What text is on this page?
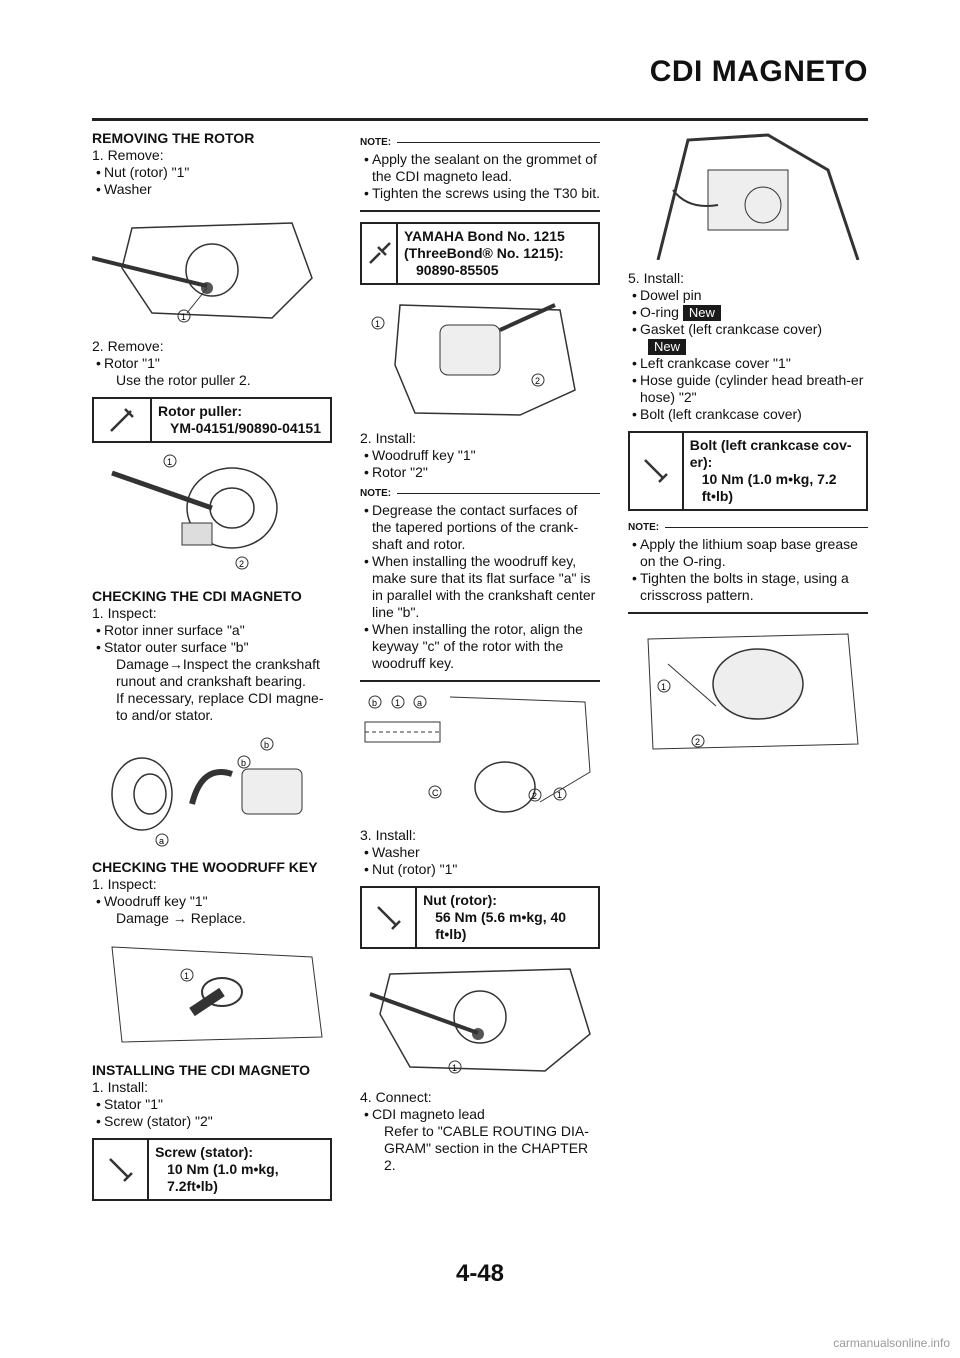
CDI MAGNETO

REMOVING THE ROTOR

1. Remove:

• Nut (rotor) "1"

• Washer

1

2. Remove:

• Rotor "1"

Use the rotor puller 2.

Rotor puller:
YM-04151/90890-04151
1
2

CHECKING THE CDI MAGNETO

1. Inspect:

• Rotor inner surface "a"

• Stator outer surface "b"

Damage→Inspect the crankshaft runout and crankshaft bearing.

If necessary, replace CDI magne-to and/or stator.

b
b
a

CHECKING THE WOODRUFF KEY

1. Inspect:

• Woodruff key "1"

Damage → Replace.

1

INSTALLING THE CDI MAGNETO

1. Install:

• Stator "1"

• Screw (stator) "2"

Screw (stator):
10 Nm (1.0 m•kg, 7.2ft•lb)
NOTE:

• Apply the sealant on the grommet of the CDI magneto lead.

• Tighten the screws using the T30 bit.

YAMAHA Bond No. 1215 (ThreeBond® No. 1215):
90890-85505
1
2

2. Install:

• Woodruff key "1"

• Rotor "2"

NOTE:

• Degrease the contact surfaces of the tapered portions of the crank-shaft and rotor.

• When installing the woodruff key, make sure that its flat surface "a" is in parallel with the crankshaft center line "b".

• When installing the rotor, align the keyway "c" of the rotor with the woodruff key.

b 1 a
C	2 1

3. Install:

• Washer

• Nut (rotor) "1"

Nut (rotor):
56 Nm (5.6 m•kg, 40 ft•lb)
1

4. Connect:

• CDI magneto lead

Refer to "CABLE ROUTING DIA-GRAM" section in the CHAPTER 2.

5. Install:

• Dowel pin

• O-ring New

• Gasket (left crankcase cover)

New

• Left crankcase cover "1"

• Hose guide (cylinder head breath-er hose) "2"

• Bolt (left crankcase cover)

Bolt (left crankcase cov-er):
10 Nm (1.0 m•kg, 7.2 ft•lb)
NOTE:

• Apply the lithium soap base grease on the O-ring.

• Tighten the bolts in stage, using a crisscross pattern.

1
2
4-48
carmanualsonline.info
